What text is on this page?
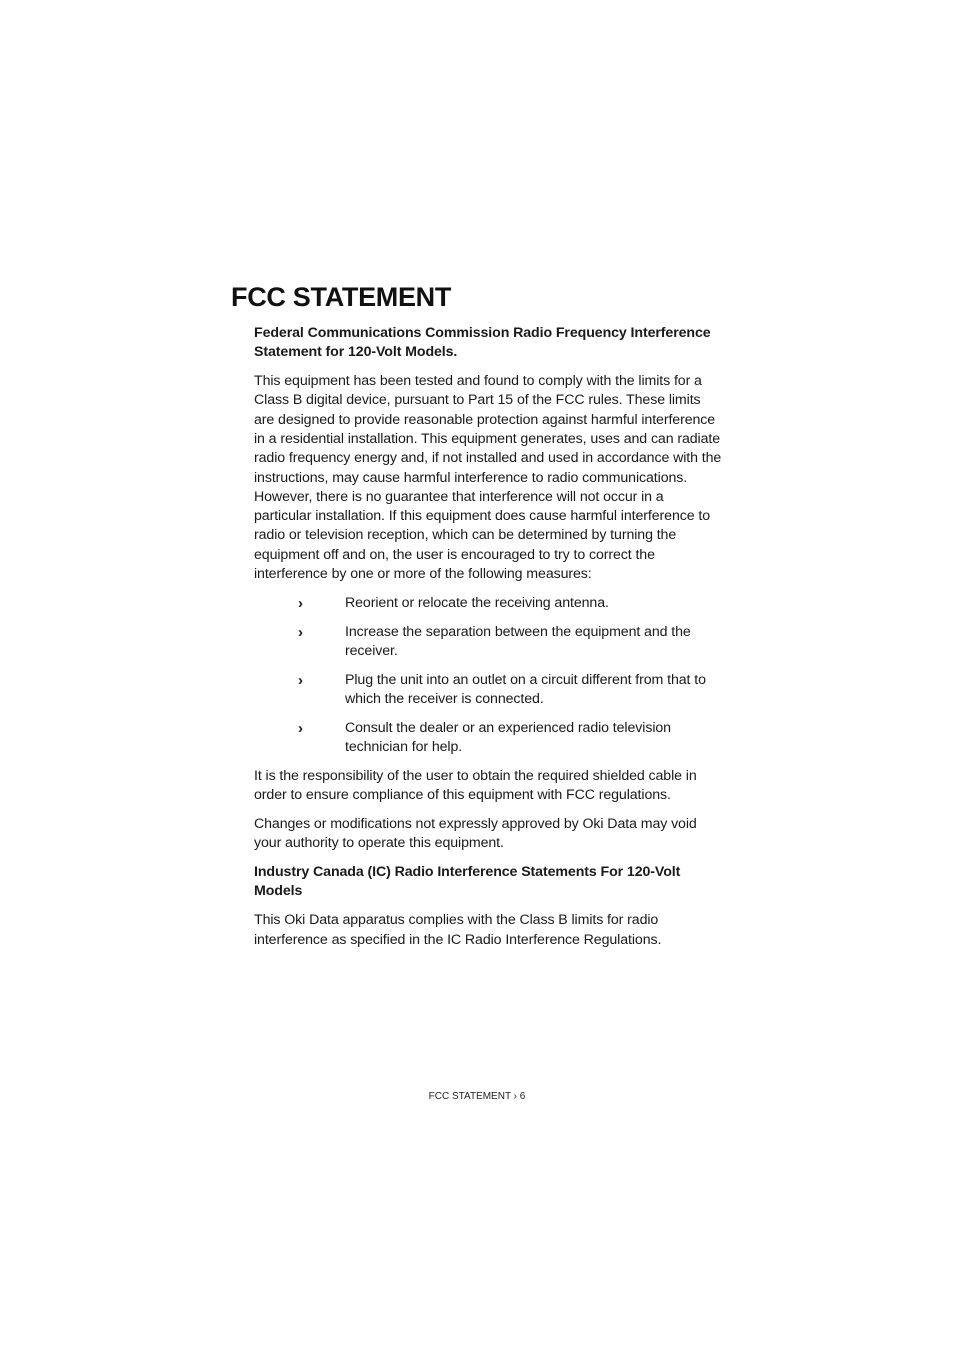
FCC STATEMENT

Federal Communications Commission Radio Frequency Interference Statement for 120-Volt Models.

This equipment has been tested and found to comply with the limits for a Class B digital device, pursuant to Part 15 of the FCC rules. These limits are designed to provide reasonable protection against harmful interference in a residential installation. This equipment generates, uses and can radiate radio frequency energy and, if not installed and used in accordance with the instructions, may cause harmful interference to radio communications. However, there is no guarantee that interference will not occur in a particular installation. If this equipment does cause harmful interference to radio or television reception, which can be determined by turning the equipment off and on, the user is encouraged to try to correct the interference by one or more of the following measures:

›	Reorient or relocate the receiving antenna.
›	Increase the separation between the equipment and the receiver.
›	Plug the unit into an outlet on a circuit different from that to which the receiver is connected.
›	Consult the dealer or an experienced radio television technician for help.

It is the responsibility of the user to obtain the required shielded cable in order to ensure compliance of this equipment with FCC regulations.

Changes or modifications not expressly approved by Oki Data may void your authority to operate this equipment.

Industry Canada (IC) Radio Interference Statements For 120-Volt Models

This Oki Data apparatus complies with the Class B limits for radio interference as specified in the IC Radio Interference Regulations.

FCC STATEMENT › 6
